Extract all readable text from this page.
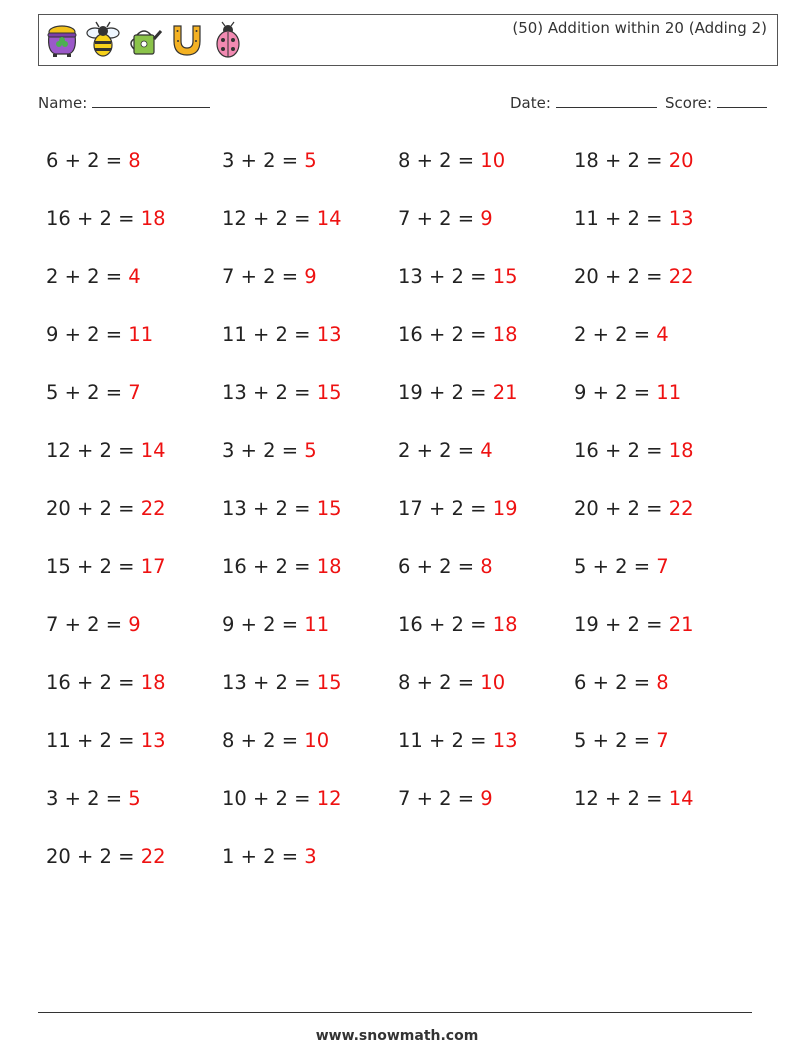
(50) Addition within 20 (Adding 2)
Name:	Date:	Score:
6 + 2 = 8	3 + 2 = 5	8 + 2 = 10	18 + 2 = 20
16 + 2 = 18	12 + 2 = 14	7 + 2 = 9	11 + 2 = 13
2 + 2 = 4	7 + 2 = 9	13 + 2 = 15	20 + 2 = 22
9 + 2 = 11	11 + 2 = 13	16 + 2 = 18	2 + 2 = 4
5 + 2 = 7	13 + 2 = 15	19 + 2 = 21	9 + 2 = 11
12 + 2 = 14	3 + 2 = 5	2 + 2 = 4	16 + 2 = 18
20 + 2 = 22	13 + 2 = 15	17 + 2 = 19	20 + 2 = 22
15 + 2 = 17	16 + 2 = 18	6 + 2 = 8	5 + 2 = 7
7 + 2 = 9	9 + 2 = 11	16 + 2 = 18	19 + 2 = 21
16 + 2 = 18	13 + 2 = 15	8 + 2 = 10	6 + 2 = 8
11 + 2 = 13	8 + 2 = 10	11 + 2 = 13	5 + 2 = 7
3 + 2 = 5	10 + 2 = 12	7 + 2 = 9	12 + 2 = 14
20 + 2 = 22	1 + 2 = 3
www.snowmath.com
